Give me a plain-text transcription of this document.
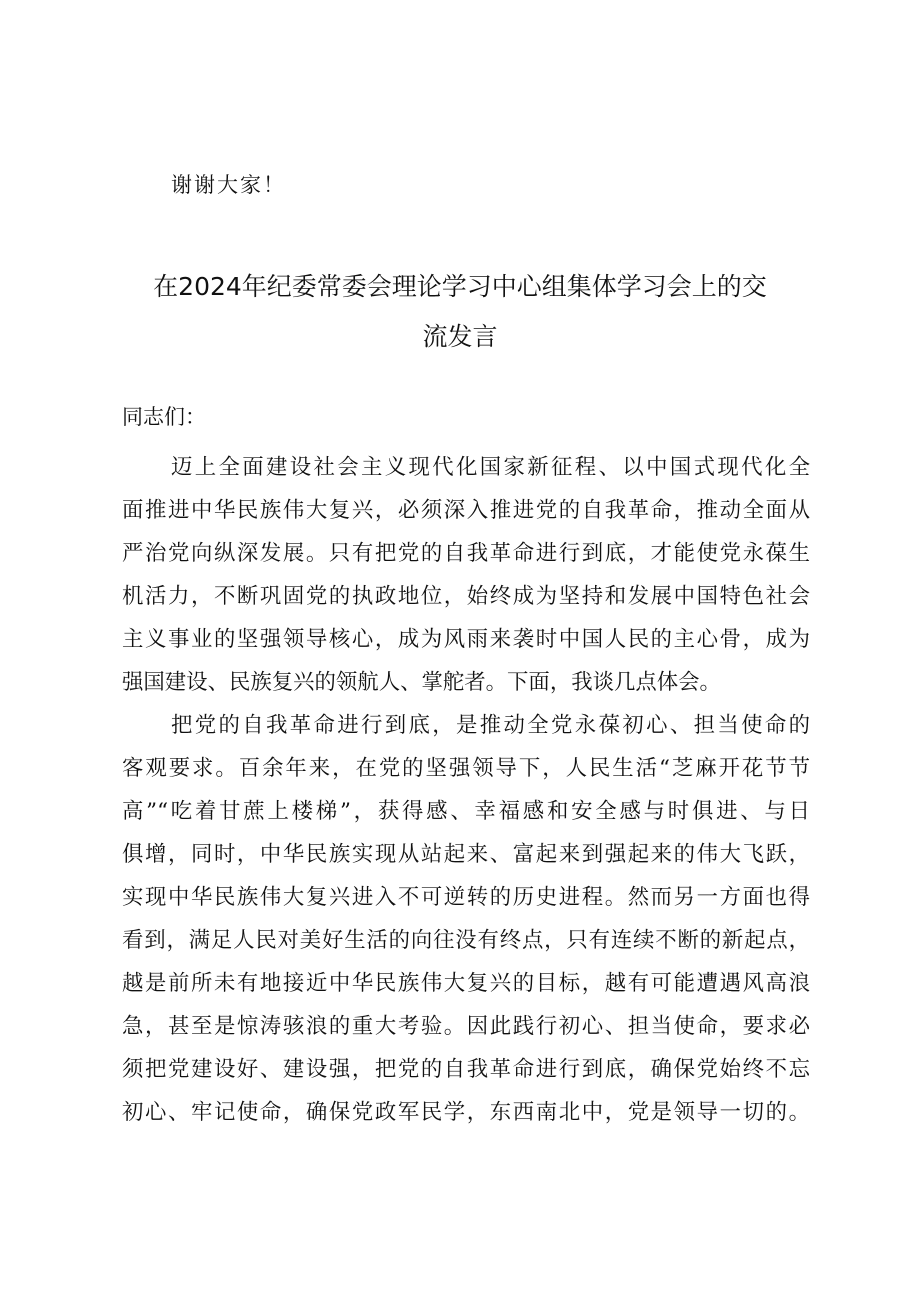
谢谢大家！
在2024年纪委常委会理论学习中心组集体学习会上的交
流发言
同志们：
迈上全面建设社会主义现代化国家新征程、以中国式现代化全
面推进中华民族伟大复兴，必须深入推进党的自我革命，推动全面从
严治党向纵深发展。只有把党的自我革命进行到底，才能使党永葆生
机活力，不断巩固党的执政地位，始终成为坚持和发展中国特色社会
主义事业的坚强领导核心，成为风雨来袭时中国人民的主心骨，成为
强国建设、民族复兴的领航人、掌舵者。下面，我谈几点体会。
把党的自我革命进行到底，是推动全党永葆初心、担当使命的
客观要求。百余年来，在党的坚强领导下，人民生活“芝麻开花节节
高”“吃着甘蔗上楼梯”，获得感、幸福感和安全感与时俱进、与日
俱增，同时，中华民族实现从站起来、富起来到强起来的伟大飞跃，
实现中华民族伟大复兴进入不可逆转的历史进程。然而另一方面也得
看到，满足人民对美好生活的向往没有终点，只有连续不断的新起点，
越是前所未有地接近中华民族伟大复兴的目标，越有可能遭遇风高浪
急，甚至是惊涛骇浪的重大考验。因此践行初心、担当使命，要求必
须把党建设好、建设强，把党的自我革命进行到底，确保党始终不忘
初心、牢记使命，确保党政军民学，东西南北中，党是领导一切的。
